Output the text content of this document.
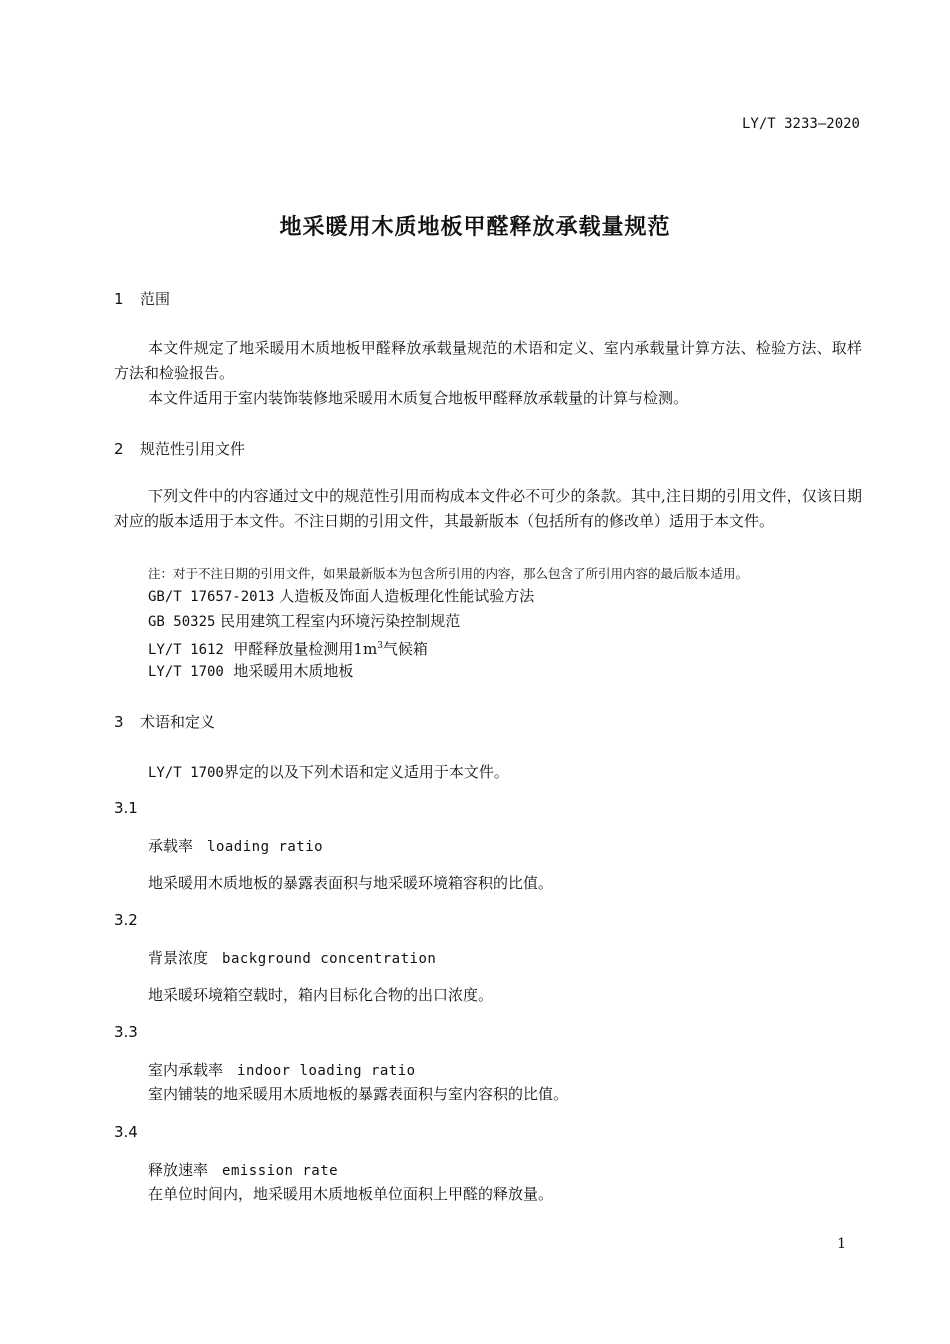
LY/T 3233—2020
地采暖用木质地板甲醛释放承载量规范
1 范围
本文件规定了地采暖用木质地板甲醛释放承载量规范的术语和定义、室内承载量计算方法、检验方法、取样方法和检验报告。
本文件适用于室内装饰装修地采暖用木质复合地板甲醛释放承载量的计算与检测。
2 规范性引用文件
下列文件中的内容通过文中的规范性引用而构成本文件必不可少的条款。其中,注日期的引用文件，仅该日期对应的版本适用于本文件。不注日期的引用文件，其最新版本（包括所有的修改单）适用于本文件。
注：对于不注日期的引用文件，如果最新版本为包含所引用的内容，那么包含了所引用内容的最后版本适用。
GB/T 17657-2013 人造板及饰面人造板理化性能试验方法
GB 50325 民用建筑工程室内环境污染控制规范
LY/T 1612 甲醛释放量检测用$1m^3$气候箱
LY/T 1700 地采暖用木质地板
3 术语和定义
LY/T 1700界定的以及下列术语和定义适用于本文件。
3.1
承载率 loading ratio
地采暖用木质地板的暴露表面积与地采暖环境箱容积的比值。
3.2
背景浓度 background concentration
地采暖环境箱空载时，箱内目标化合物的出口浓度。
3.3
室内承载率 indoor loading ratio
室内铺装的地采暖用木质地板的暴露表面积与室内容积的比值。
3.4
释放速率 emission rate
在单位时间内，地采暖用木质地板单位面积上甲醛的释放量。
1
